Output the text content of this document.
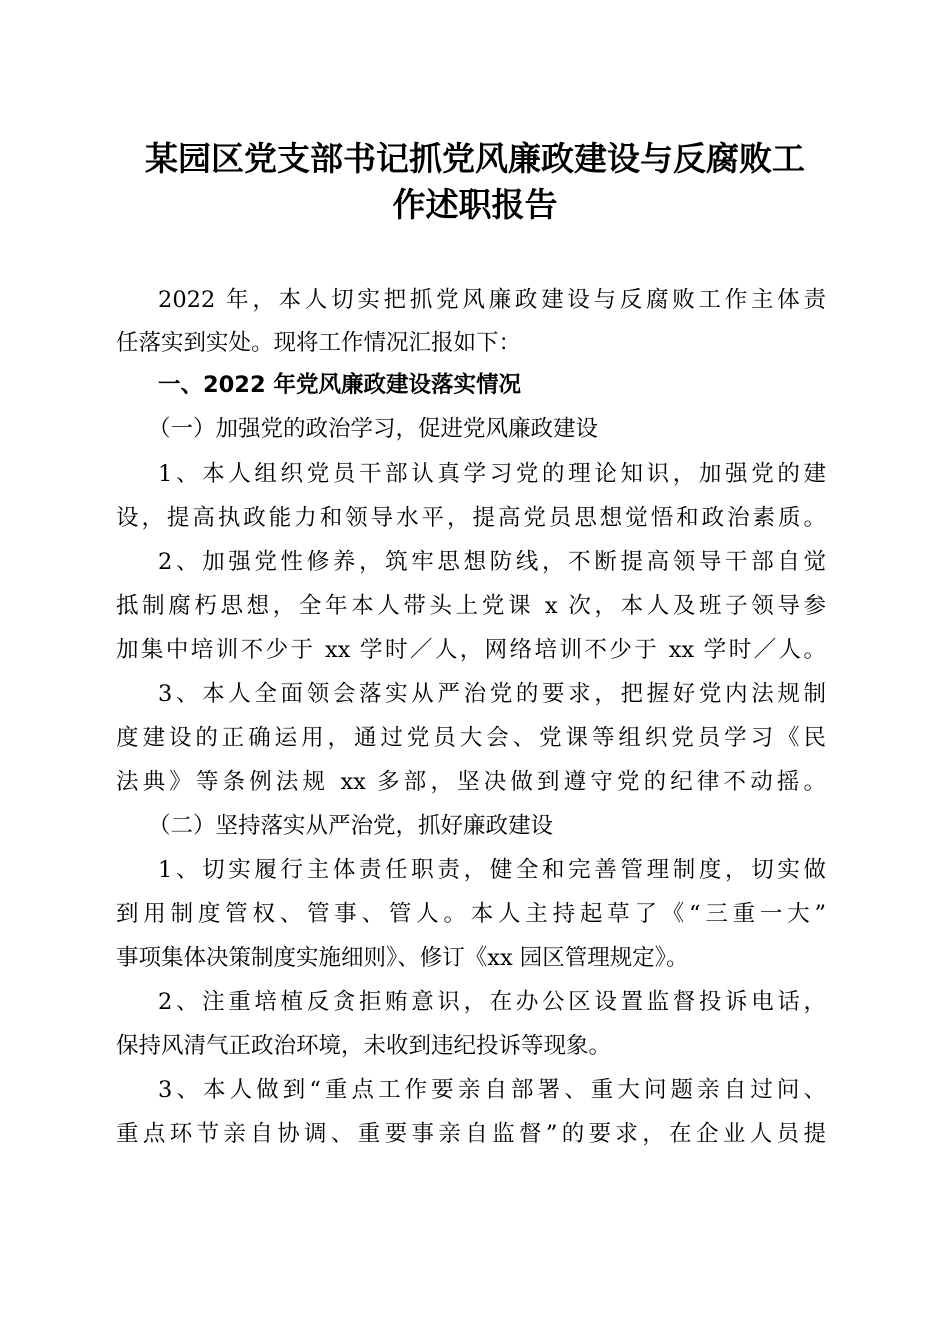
某园区党支部书记抓党风廉政建设与反腐败工
作述职报告
2022 年，本人切实把抓党风廉政建设与反腐败工作主体责
任落实到实处。现将工作情况汇报如下：
一、2022 年党风廉政建设落实情况
（一）加强党的政治学习，促进党风廉政建设
1、本人组织党员干部认真学习党的理论知识，加强党的建
设，提高执政能力和领导水平，提高党员思想觉悟和政治素质。
2、加强党性修养，筑牢思想防线，不断提高领导干部自觉
抵制腐朽思想，全年本人带头上党课 x 次，本人及班子领导参
加集中培训不少于 xx 学时／人，网络培训不少于 xx 学时／人。
3、本人全面领会落实从严治党的要求，把握好党内法规制
度建设的正确运用，通过党员大会、党课等组织党员学习《民
法典》等条例法规 xx 多部，坚决做到遵守党的纪律不动摇。
（二）坚持落实从严治党，抓好廉政建设
1、切实履行主体责任职责，健全和完善管理制度，切实做
到用制度管权、管事、管人。本人主持起草了《“三重一大”
事项集体决策制度实施细则》、修订《xx 园区管理规定》。
2、注重培植反贪拒贿意识，在办公区设置监督投诉电话，
保持风清气正政治环境，未收到违纪投诉等现象。
3、本人做到“重点工作要亲自部署、重大问题亲自过问、
重点环节亲自协调、重要事亲自监督”的要求，在企业人员提
